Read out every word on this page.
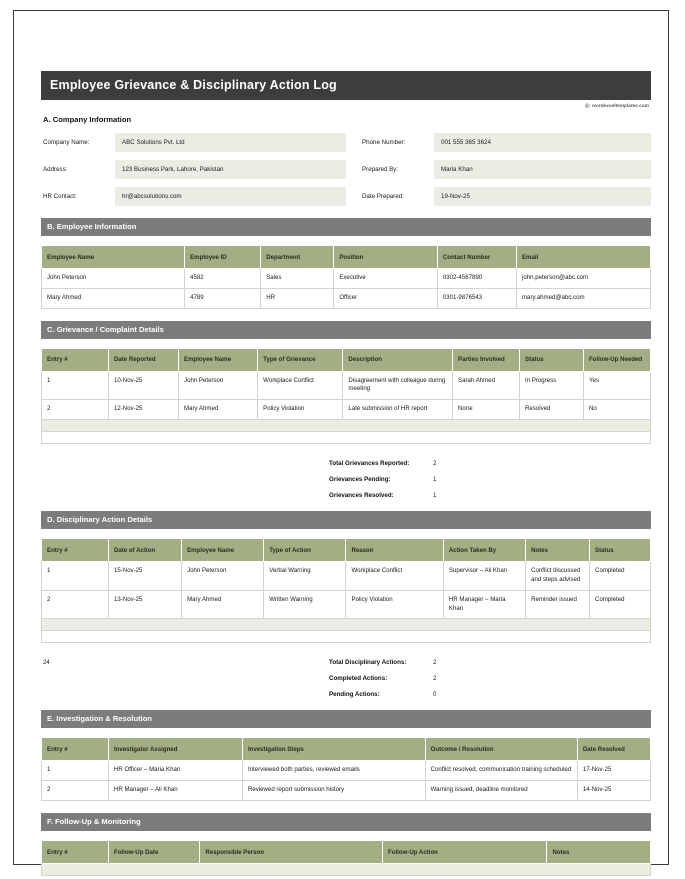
Employee Grievance & Disciplinary Action Log
@: wordexceltemplates.com
A. Company Information
Company Name:	ABC Solutions Pvt. Ltd	Phone Number:	001 555 365 3624
Address:	123 Business Park, Lahore, Pakistan	Prepared By:	Maria Khan
HR Contact:	hr@abcsolutions.com	Date Prepared:	19-Nov-25
B. Employee Information
Employee Name	Employee ID	Department	Position	Contact Number	Email
John Peterson	4582	Sales	Executive	0302-4567890	john.peterson@abc.com
Mary Ahmed	4789	HR	Officer	0301-9876543	mary.ahmed@abc.com
C. Grievance / Complaint Details
Entry #	Date Reported	Employee Name	Type of Grievance	Description	Parties Involved	Status	Follow-Up Needed
1	10-Nov-25	John Peterson	Workplace Conflict	Disagreement with colleague during meeting	Sarah Ahmed	In Progress	Yes
2	12-Nov-25	Mary Ahmed	Policy Violation	Late submission of HR report	None	Resolved	No

Total Grievances Reported:	2
Grievances Pending:	1
Grievances Resolved:	1
D. Disciplinary Action Details
Entry #	Date of Action	Employee Name	Type of Action	Reason	Action Taken By	Notes	Status
1	15-Nov-25	John Peterson	Verbal Warning	Workplace Conflict	Supervisor – Ali Khan	Conflict discussed and steps advised	Completed
2	13-Nov-25	Mary Ahmed	Written Warning	Policy Violation	HR Manager – Maria Khan	Reminder issued	Completed

24	Total Disciplinary Actions:	2
Completed Actions:	2
Pending Actions:	0
E. Investigation & Resolution
Entry #	Investigator Assigned	Investigation Steps	Outcome / Resolution	Date Resolved
1	HR Officer – Maria Khan	Interviewed both parties, reviewed emails	Conflict resolved, communication training scheduled	17-Nov-25
2	HR Manager – Ali Khan	Reviewed report submission history	Warning issued, deadline monitored	14-Nov-25
F. Follow-Up & Monitoring
Entry #	Follow-Up Date	Responsible Person	Follow-Up Action	Notes
